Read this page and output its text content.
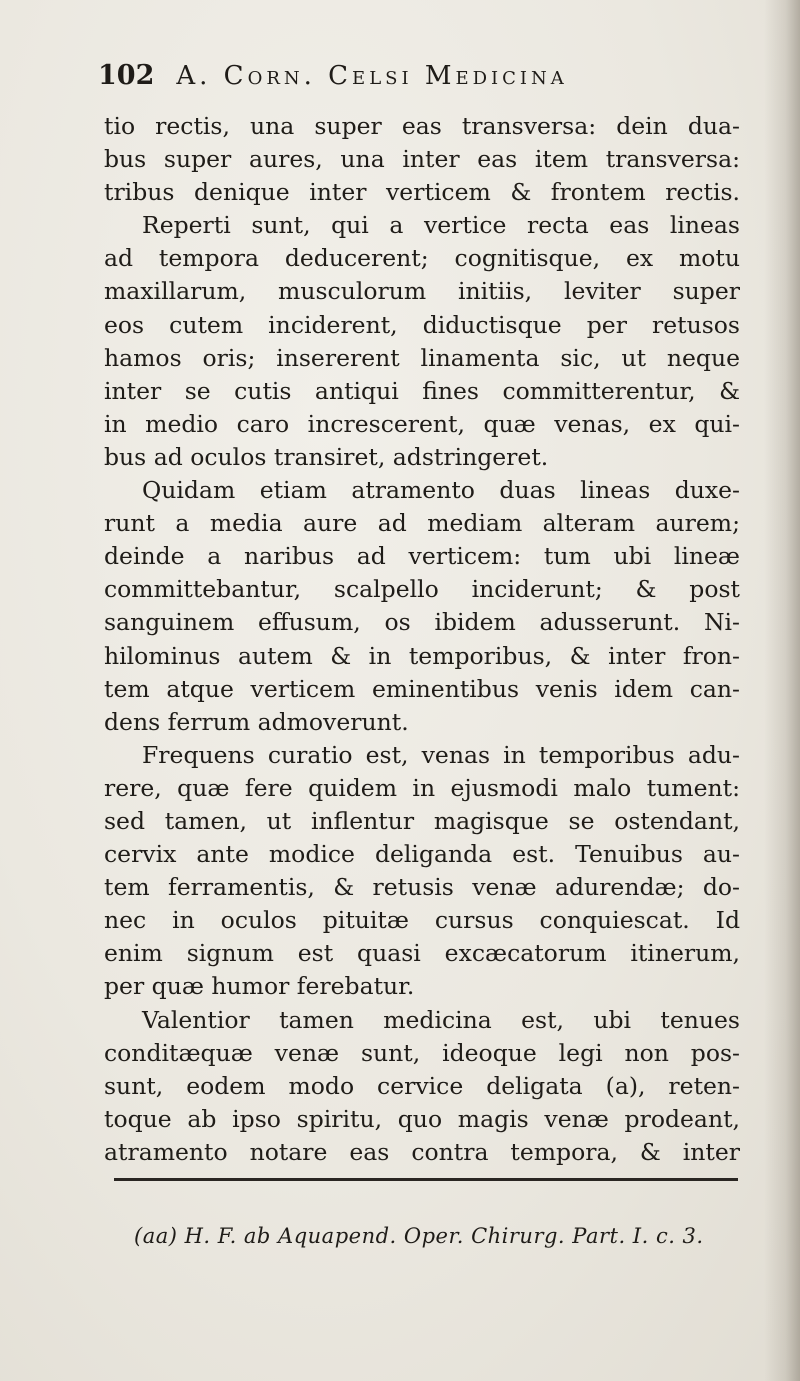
102 A. Corn. Celsi Medicina
tio rectis, una super eas transversa: dein dua-
bus super aures, una inter eas item transversa:
tribus denique inter verticem & frontem rectis.
Reperti sunt, qui a vertice recta eas lineas
ad tempora deducerent; cognitisque, ex motu
maxillarum, musculorum initiis, leviter super
eos cutem inciderent, diductisque per retusos
hamos oris; insererent linamenta sic, ut neque
inter se cutis antiqui fines committerentur, &
in medio caro increscerent, quæ venas, ex qui-
bus ad oculos transiret, adstringeret.
Quidam etiam atramento duas lineas duxe-
runt a media aure ad mediam alteram aurem;
deinde a naribus ad verticem: tum ubi lineæ
committebantur, scalpello inciderunt; & post
sanguinem effusum, os ibidem adusserunt. Ni-
hilominus autem & in temporibus, & inter fron-
tem atque verticem eminentibus venis idem can-
dens ferrum admoverunt.
Frequens curatio est, venas in temporibus adu-
rere, quæ fere quidem in ejusmodi malo tument:
sed tamen, ut inflentur magisque se ostendant,
cervix ante modice deliganda est. Tenuibus au-
tem ferramentis, & retusis venæ adurendæ; do-
nec in oculos pituitæ cursus conquiescat. Id
enim signum est quasi excæcatorum itinerum,
per quæ humor ferebatur.
Valentior tamen medicina est, ubi tenues
conditæquæ venæ sunt, ideoque legi non pos-
sunt, eodem modo cervice deligata (a), reten-
toque ab ipso spiritu, quo magis venæ prodeant,
atramento notare eas contra tempora, & inter
(aa) H. F. ab Aquapend. Oper. Chirurg. Part. I. c. 3.
